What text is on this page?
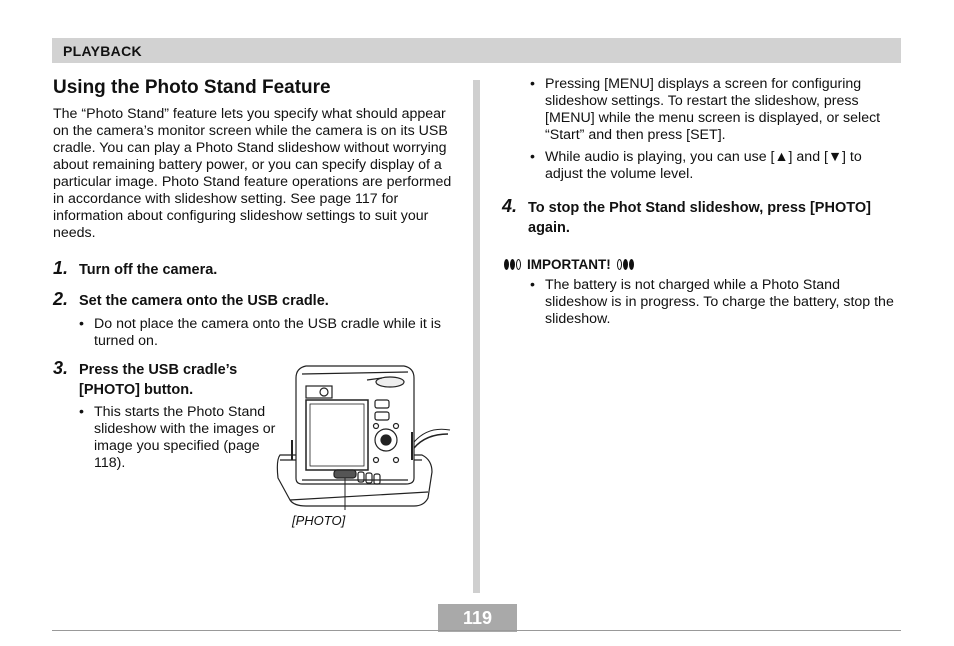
PLAYBACK
Using the Photo Stand Feature

The “Photo Stand” feature lets you specify what should appear on the camera’s monitor screen while the camera is on its USB cradle. You can play a Photo Stand slideshow without worrying about remaining battery power, or you can specify display of a particular image. Photo Stand feature operations are performed in accordance with slideshow setting. See page 117 for information about configuring slideshow settings to suit your needs.

1. Turn off the camera.
2. Set the camera onto the USB cradle.
• Do not place the camera onto the USB cradle while it is turned on.
3. Press the USB cradle’s [PHOTO] button.
• This starts the Photo Stand slideshow with the images or image you specified (page 118).
[PHOTO]
• Pressing [MENU] displays a screen for configuring slideshow settings. To restart the slideshow, press [MENU] while the menu screen is displayed, or select “Start” and then press [SET].
• While audio is playing, you can use [▲] and [▼] to adjust the volume level.
4. To stop the Phot Stand slideshow, press [PHOTO] again.
IMPORTANT!
• The battery is not charged while a Photo Stand slideshow is in progress. To charge the battery, stop the slideshow.
119
